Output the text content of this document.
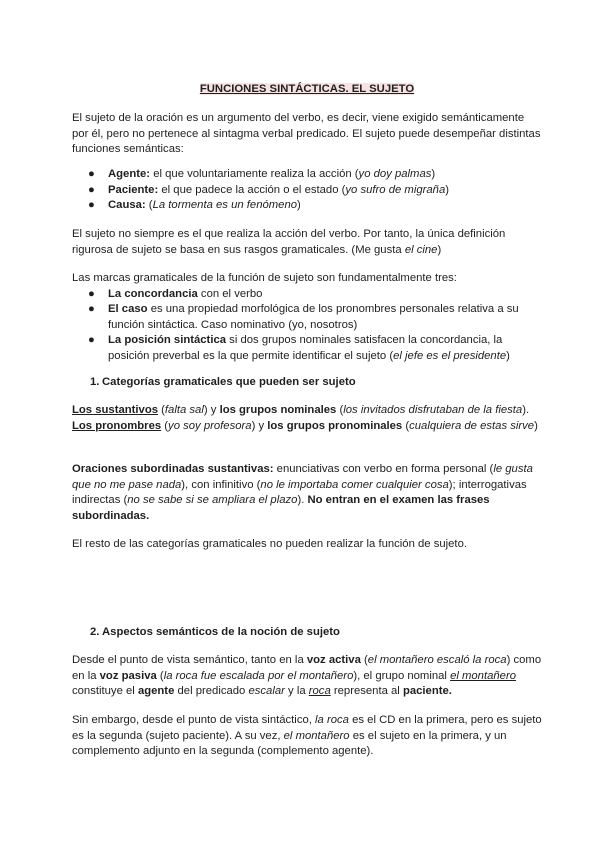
FUNCIONES SINTÁCTICAS. EL SUJETO

El sujeto de la oración es un argumento del verbo, es decir, viene exigido semánticamente por él, pero no pertenece al sintagma verbal predicado. El sujeto puede desempeñar distintas funciones semánticas:

● Agente: el que voluntariamente realiza la acción (yo doy palmas)
● Paciente: el que padece la acción o el estado (yo sufro de migraña)
● Causa: (La tormenta es un fenómeno)

El sujeto no siempre es el que realiza la acción del verbo. Por tanto, la única definición rigurosa de sujeto se basa en sus rasgos gramaticales. (Me gusta el cine)

Las marcas gramaticales de la función de sujeto son fundamentalmente tres:

● La concordancia con el verbo
● El caso es una propiedad morfológica de los pronombres personales relativa a su función sintáctica. Caso nominativo (yo, nosotros)
● La posición sintáctica si dos grupos nominales satisfacen la concordancia, la posición preverbal es la que permite identificar el sujeto (el jefe es el presidente)
1. Categorías gramaticales que pueden ser sujeto

Los sustantivos (falta sal) y los grupos nominales (los invitados disfrutaban de la fiesta). Los pronombres (yo soy profesora) y los grupos pronominales (cualquiera de estas sirve)

Oraciones subordinadas sustantivas: enunciativas con verbo en forma personal (le gusta que no me pase nada), con infinitivo (no le importaba comer cualquier cosa); interrogativas indirectas (no se sabe si se ampliara el plazo). No entran en el examen las frases subordinadas.

El resto de las categorías gramaticales no pueden realizar la función de sujeto.

2. Aspectos semánticos de la noción de sujeto

Desde el punto de vista semántico, tanto en la voz activa (el montañero escaló la roca) como en la voz pasiva (la roca fue escalada por el montañero), el grupo nominal el montañero constituye el agente del predicado escalar y la roca representa al paciente.

Sin embargo, desde el punto de vista sintáctico, la roca es el CD en la primera, pero es sujeto es la segunda (sujeto paciente). A su vez, el montañero es el sujeto en la primera, y un complemento adjunto en la segunda (complemento agente).
